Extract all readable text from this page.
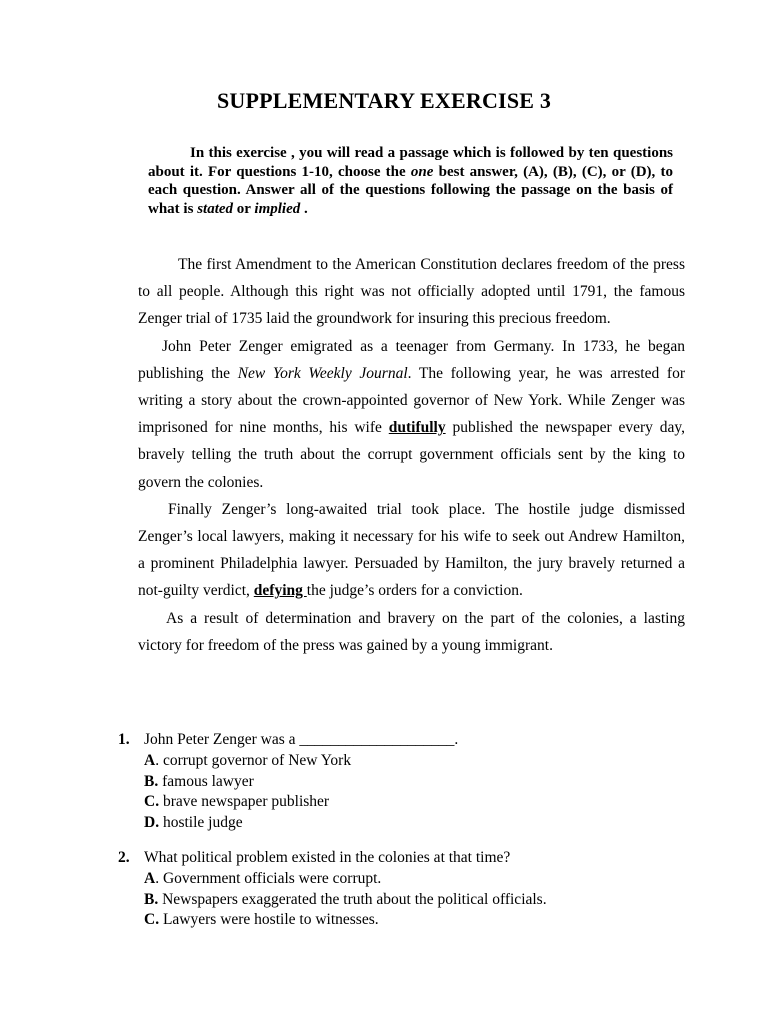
SUPPLEMENTARY EXERCISE 3

In this exercise , you will read a passage which is followed by ten questions about it. For questions 1-10, choose the one best answer, (A), (B), (C), or (D), to each question. Answer all of the questions following the passage on the basis of what is stated or implied .

The first Amendment to the American Constitution declares freedom of the press to all people. Although this right was not officially adopted until 1791, the famous Zenger trial of 1735 laid the groundwork for insuring this precious freedom.

John Peter Zenger emigrated as a teenager from Germany. In 1733, he began publishing the New York Weekly Journal. The following year, he was arrested for writing a story about the crown-appointed governor of New York. While Zenger was imprisoned for nine months, his wife dutifully published the newspaper every day, bravely telling the truth about the corrupt government officials sent by the king to govern the colonies.

Finally Zenger’s long-awaited trial took place. The hostile judge dismissed Zenger’s local lawyers, making it necessary for his wife to seek out Andrew Hamilton, a prominent Philadelphia lawyer. Persuaded by Hamilton, the jury bravely returned a not-guilty verdict, defying the judge’s orders for a conviction.

As a result of determination and bravery on the part of the colonies, a lasting victory for freedom of the press was gained by a young immigrant.

1. John Peter Zenger was a ____________________.
A. corrupt governor of New York
B. famous lawyer
C. brave newspaper publisher
D. hostile judge
2. What political problem existed in the colonies at that time?
A. Government officials were corrupt.
B. Newspapers exaggerated the truth about the political officials.
C. Lawyers were hostile to witnesses.
